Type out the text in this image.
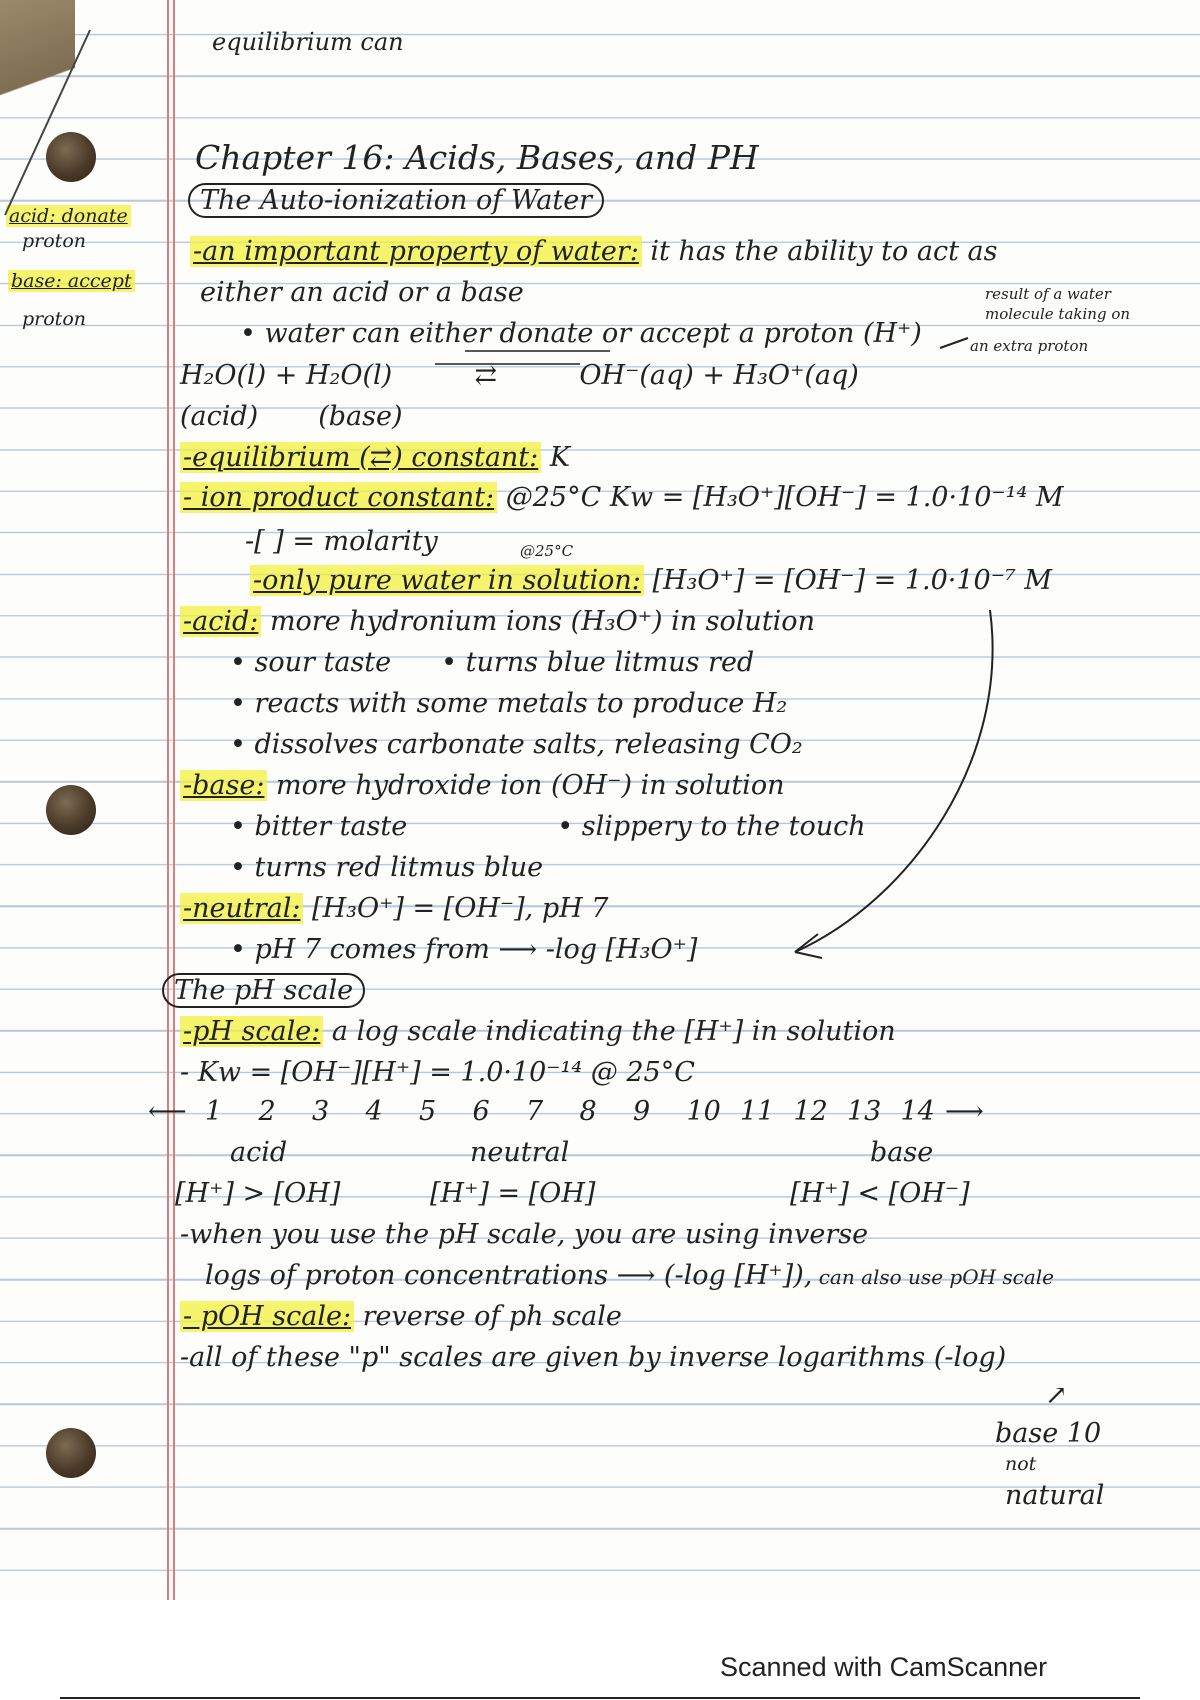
equilibrium can
Chapter 16: Acids, Bases, and PH
The Auto-ionization of Water
acid: donate
proton
base: accept
proton
result of a water
molecule taking on
an extra proton
-an important property of water: it has the ability to act as
either an acid or a base
• water can either donate or accept a proton (H⁺)
H₂O(l) + H₂O(l)	⇄	OH⁻(aq) + H₃O⁺(aq)
(acid) (base)
-equilibrium (⇄) constant: K
- ion product constant: @25°C Kw = [H₃O⁺][OH⁻] = 1.0·10⁻¹⁴ M
-[ ] = molarity	@25°C
-only pure water in solution: [H₃O⁺] = [OH⁻] = 1.0·10⁻⁷ M
-acid: more hydronium ions (H₃O⁺) in solution
• sour taste • turns blue litmus red
• reacts with some metals to produce H₂
• dissolves carbonate salts, releasing CO₂
-base: more hydroxide ion (OH⁻) in solution
• bitter taste	• slippery to the touch
• turns red litmus blue
-neutral: [H₃O⁺] = [OH⁻], pH 7
• pH 7 comes from ⟶ -log [H₃O⁺]
The pH scale
-pH scale: a log scale indicating the [H⁺] in solution
- Kw = [OH⁻][H⁺] = 1.0·10⁻¹⁴ @ 25°C
⟵ 1 2 3 4 5 6 7 8 9 10 11 12 13 14 ⟶
acid	neutral	base
[H⁺] > [OH]	[H⁺] = [OH]	[H⁺] < [OH⁻]
-when you use the pH scale, you are using inverse
logs of proton concentrations ⟶ (-log [H⁺]), can also use pOH scale
- pOH scale: reverse of ph scale
-all of these "p" scales are given by inverse logarithms (-log)
↗
base 10
not
natural
Scanned with CamScanner
